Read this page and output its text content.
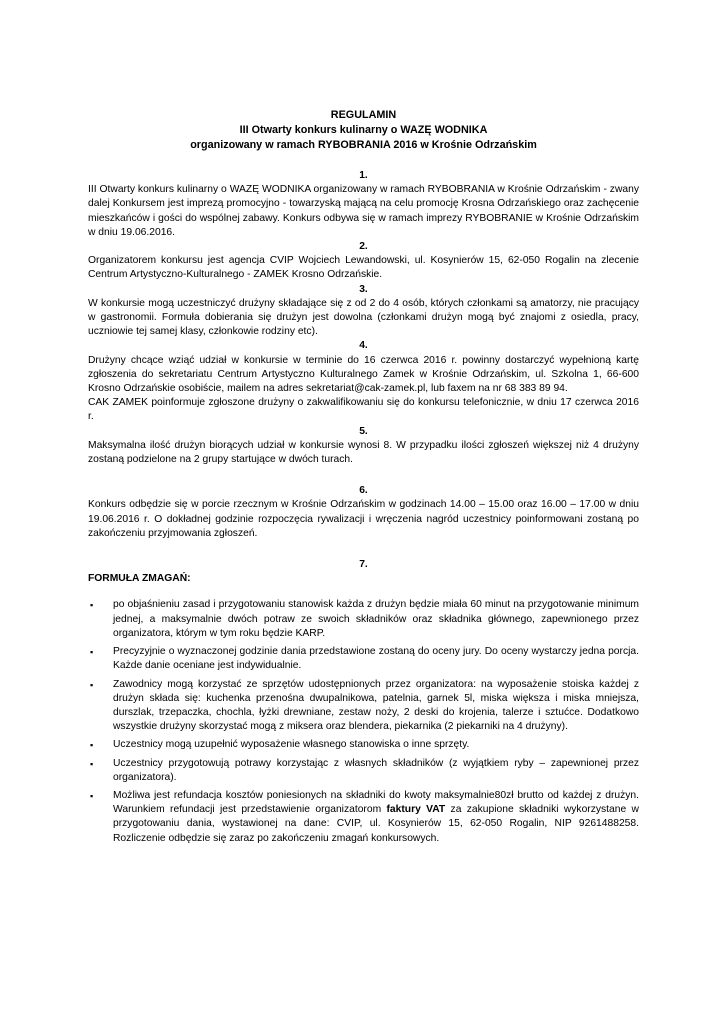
REGULAMIN
III Otwarty konkurs kulinarny o WAZĘ WODNIKA
organizowany w ramach RYBOBRANIA 2016 w Krośnie Odrzańskim
1.

III Otwarty konkurs kulinarny o WAZĘ WODNIKA organizowany w ramach RYBOBRANIA w Krośnie Odrzańskim - zwany dalej Konkursem jest imprezą promocyjno - towarzyską mającą na celu promocję Krosna Odrzańskiego oraz zachęcenie mieszkańców i gości do wspólnej zabawy. Konkurs odbywa się w ramach imprezy RYBOBRANIE w Krośnie Odrzańskim w dniu 19.06.2016.

2.

Organizatorem konkursu jest agencja CVIP Wojciech Lewandowski, ul. Kosynierów 15, 62-050 Rogalin na zlecenie Centrum Artystyczno-Kulturalnego - ZAMEK Krosno Odrzańskie.

3.

W konkursie mogą uczestniczyć drużyny składające się z od 2 do 4 osób, których członkami są amatorzy, nie pracujący w gastronomii. Formuła dobierania się drużyn jest dowolna (członkami drużyn mogą być znajomi z osiedla, pracy, uczniowie tej samej klasy, członkowie rodziny etc).

4.

Drużyny chcące wziąć udział w konkursie w terminie do 16 czerwca 2016 r. powinny dostarczyć wypełnioną kartę zgłoszenia do sekretariatu Centrum Artystyczno Kulturalnego Zamek w Krośnie Odrzańskim, ul. Szkolna 1, 66-600 Krosno Odrzańskie osobiście, mailem na adres sekretariat@cak-zamek.pl, lub faxem na nr 68 383 89 94.

CAK ZAMEK poinformuje zgłoszone drużyny o zakwalifikowaniu się do konkursu telefonicznie, w dniu 17 czerwca 2016 r.

5.

Maksymalna ilość drużyn biorących udział w konkursie wynosi 8. W przypadku ilości zgłoszeń większej niż 4 drużyny zostaną podzielone na 2 grupy startujące w dwóch turach.

6.

Konkurs odbędzie się w porcie rzecznym w Krośnie Odrzańskim w godzinach 14.00 – 15.00 oraz 16.00 – 17.00 w dniu 19.06.2016 r. O dokładnej godzinie rozpoczęcia rywalizacji i wręczenia nagród uczestnicy poinformowani zostaną po zakończeniu przyjmowania zgłoszeń.

7.

FORMUŁA ZMAGAŃ:

▪ po objaśnieniu zasad i przygotowaniu stanowisk każda z drużyn będzie miała 60 minut na przygotowanie minimum jednej, a maksymalnie dwóch potraw ze swoich składników oraz składnika głównego, zapewnionego przez organizatora, którym w tym roku będzie KARP.
▪ Precyzyjnie o wyznaczonej godzinie dania przedstawione zostaną do oceny jury. Do oceny wystarczy jedna porcja. Każde danie oceniane jest indywidualnie.
▪ Zawodnicy mogą korzystać ze sprzętów udostępnionych przez organizatora: na wyposażenie stoiska każdej z drużyn składa się: kuchenka przenośna dwupalnikowa, patelnia, garnek 5l, miska większa i miska mniejsza, durszlak, trzepaczka, chochla, łyżki drewniane, zestaw noży, 2 deski do krojenia, talerze i sztućce. Dodatkowo wszystkie drużyny skorzystać mogą z miksera oraz blendera, piekarnika (2 piekarniki na 4 drużyny).
▪ Uczestnicy mogą uzupełnić wyposażenie własnego stanowiska o inne sprzęty.
▪ Uczestnicy przygotowują potrawy korzystając z własnych składników (z wyjątkiem ryby – zapewnionej przez organizatora).
▪ Możliwa jest refundacja kosztów poniesionych na składniki do kwoty maksymalnie80zł brutto od każdej z drużyn. Warunkiem refundacji jest przedstawienie organizatorom faktury VAT za zakupione składniki wykorzystane w przygotowaniu dania, wystawionej na dane: CVIP, ul. Kosynierów 15, 62-050 Rogalin, NIP 9261488258. Rozliczenie odbędzie się zaraz po zakończeniu zmagań konkursowych.
